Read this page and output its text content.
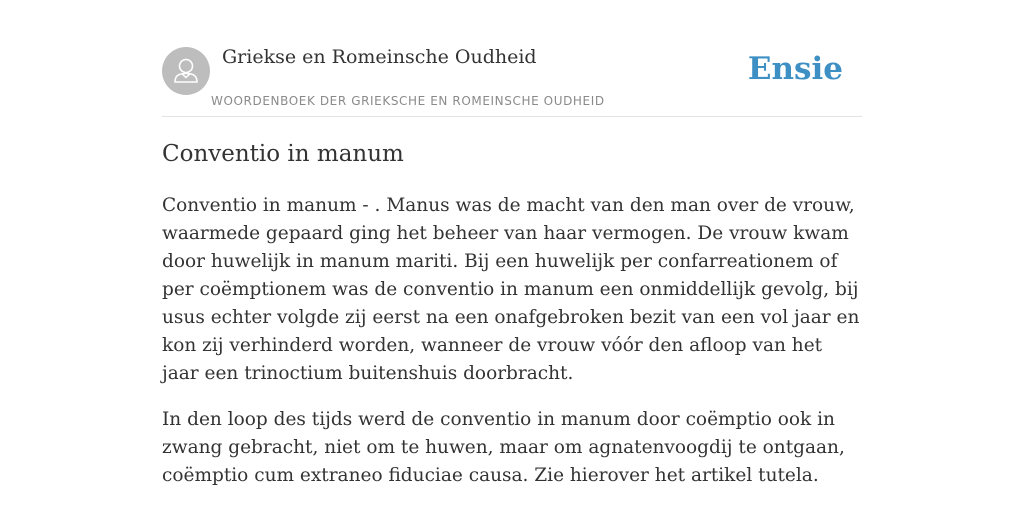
Griekse en Romeinsche Oudheid
WOORDENBOEK DER GRIEKSCHE EN ROMEINSCHE OUDHEID
Ensie
Conventio in manum

Conventio in manum - . Manus was de macht van den man over de vrouw, waarmede gepaard ging het beheer van haar vermogen. De vrouw kwam door huwelijk in manum mariti. Bij een huwelijk per confarreationem of per coëmptionem was de conventio in manum een onmiddellijk gevolg, bij usus echter volgde zij eerst na een onafgebroken bezit van een vol jaar en kon zij verhinderd worden, wanneer de vrouw vóór den afloop van het jaar een trinoctium buitenshuis doorbracht.

In den loop des tijds werd de conventio in manum door coëmptio ook in zwang gebracht, niet om te huwen, maar om agnatenvoogdij te ontgaan, coëmptio cum extraneo fiduciae causa. Zie hierover het artikel tutela.
